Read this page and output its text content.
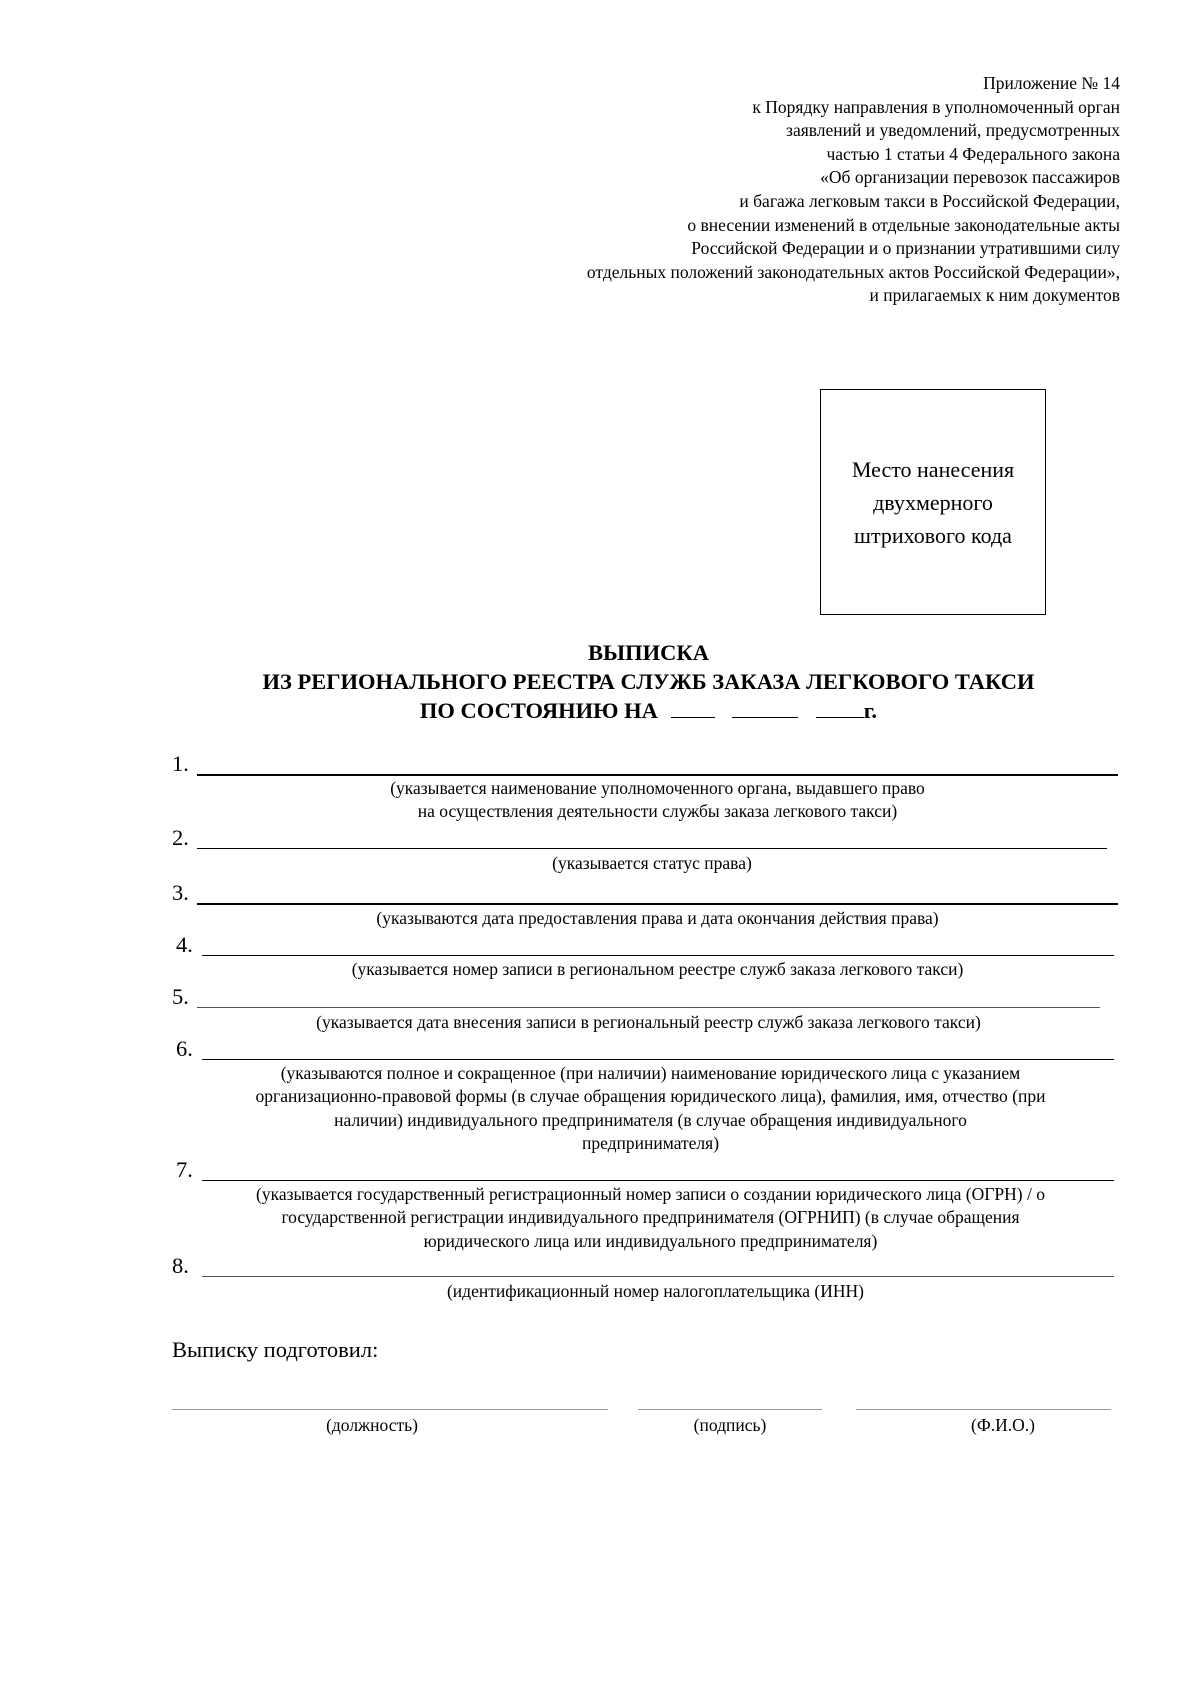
Приложение № 14
к Порядку направления в уполномоченный орган
заявлений и уведомлений, предусмотренных
частью 1 статьи 4 Федерального закона
«Об организации перевозок пассажиров
и багажа легковым такси в Российской Федерации,
о внесении изменений в отдельные законодательные акты
Российской Федерации и о признании утратившими силу
отдельных положений законодательных актов Российской Федерации»,
и прилагаемых к ним документов
Место нанесения
двухмерного
штрихового кода
ВЫПИСКА
ИЗ РЕГИОНАЛЬНОГО РЕЕСТРА СЛУЖБ ЗАКАЗА ЛЕГКОВОГО ТАКСИ
ПО СОСТОЯНИЮ НА	г.
1.
(указывается наименование уполномоченного органа, выдавшего право
на осуществления деятельности службы заказа легкового такси)
2.
(указывается статус права)
3.
(указываются дата предоставления права и дата окончания действия права)
4.
(указывается номер записи в региональном реестре служб заказа легкового такси)
5.
(указывается дата внесения записи в региональный реестр служб заказа легкового такси)
6.
(указываются полное и сокращенное (при наличии) наименование юридического лица с указанием
организационно-правовой формы (в случае обращения юридического лица), фамилия, имя, отчество (при
наличии) индивидуального предпринимателя (в случае обращения индивидуального
предпринимателя)
7.
(указывается государственный регистрационный номер записи о создании юридического лица (ОГРН) / о
государственной регистрации индивидуального предпринимателя (ОГРНИП) (в случае обращения
юридического лица или индивидуального предпринимателя)
8.
(идентификационный номер налогоплательщика (ИНН)
Выписку подготовил:
(должность)	(подпись)	(Ф.И.О.)
